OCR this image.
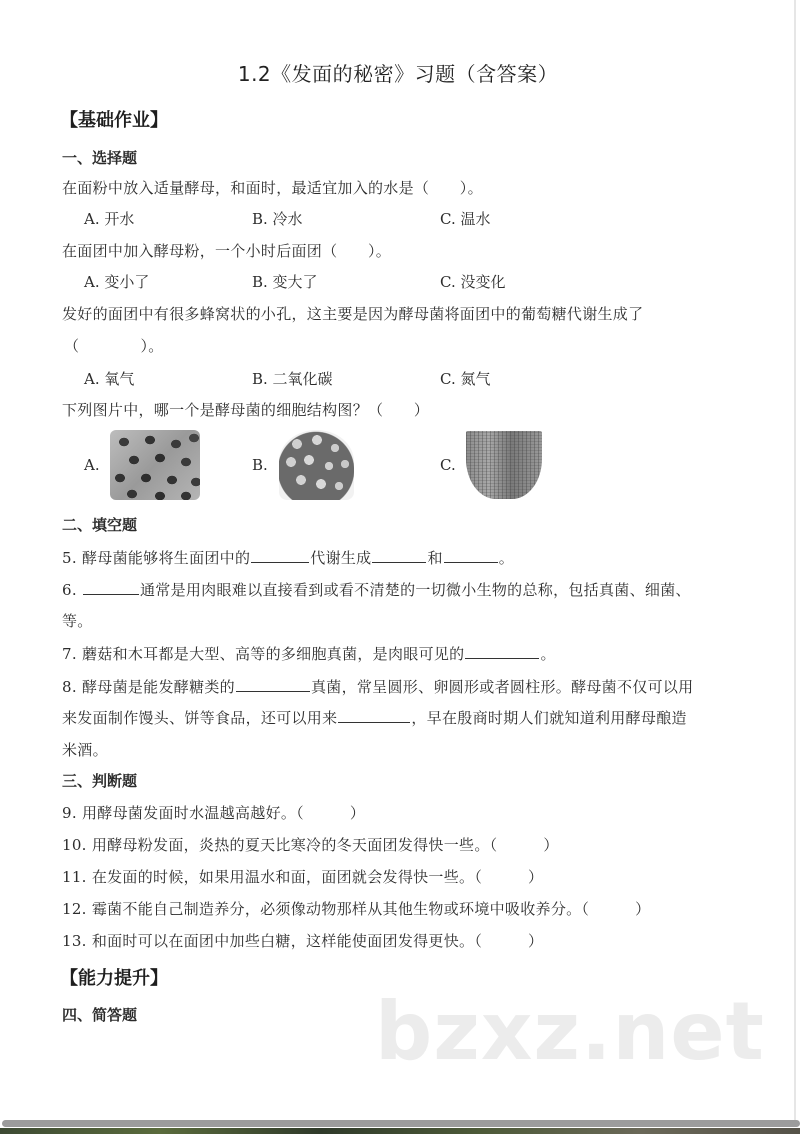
1.2《发面的秘密》习题（含答案）
【基础作业】
一、选择题
在面粉中放入适量酵母，和面时，最适宜加入的水是（　　）。
A. 开水	B. 冷水	C. 温水
在面团中加入酵母粉，一个小时后面团（　　）。
A. 变小了	B. 变大了	C. 没变化
发好的面团中有很多蜂窝状的小孔，这主要是因为酵母菌将面团中的葡萄糖代谢生成了
（　　　　）。
A. 氧气	B. 二氧化碳	C. 氮气
下列图片中，哪一个是酵母菌的细胞结构图？（　　）
A.	B.	C.
二、填空题
5. 酵母菌能够将生面团中的	代谢生成	和	。
6.	通常是用肉眼难以直接看到或看不清楚的一切微小生物的总称，包括真菌、细菌、
等。
7. 蘑菇和木耳都是大型、高等的多细胞真菌，是肉眼可见的	。
8. 酵母菌是能发酵糖类的	真菌，常呈圆形、卵圆形或者圆柱形。酵母菌不仅可以用
来发面制作馒头、饼等食品，还可以用来	，早在殷商时期人们就知道利用酵母酿造
米酒。
三、判断题
9. 用酵母菌发面时水温越高越好。（　　　）
10. 用酵母粉发面，炎热的夏天比寒冷的冬天面团发得快一些。（　　　）
11. 在发面的时候，如果用温水和面，面团就会发得快一些。（　　　）
12. 霉菌不能自己制造养分，必须像动物那样从其他生物或环境中吸收养分。（　　　）
13. 和面时可以在面团中加些白糖，这样能使面团发得更快。（　　　）
【能力提升】
四、简答题	bzxz.net
